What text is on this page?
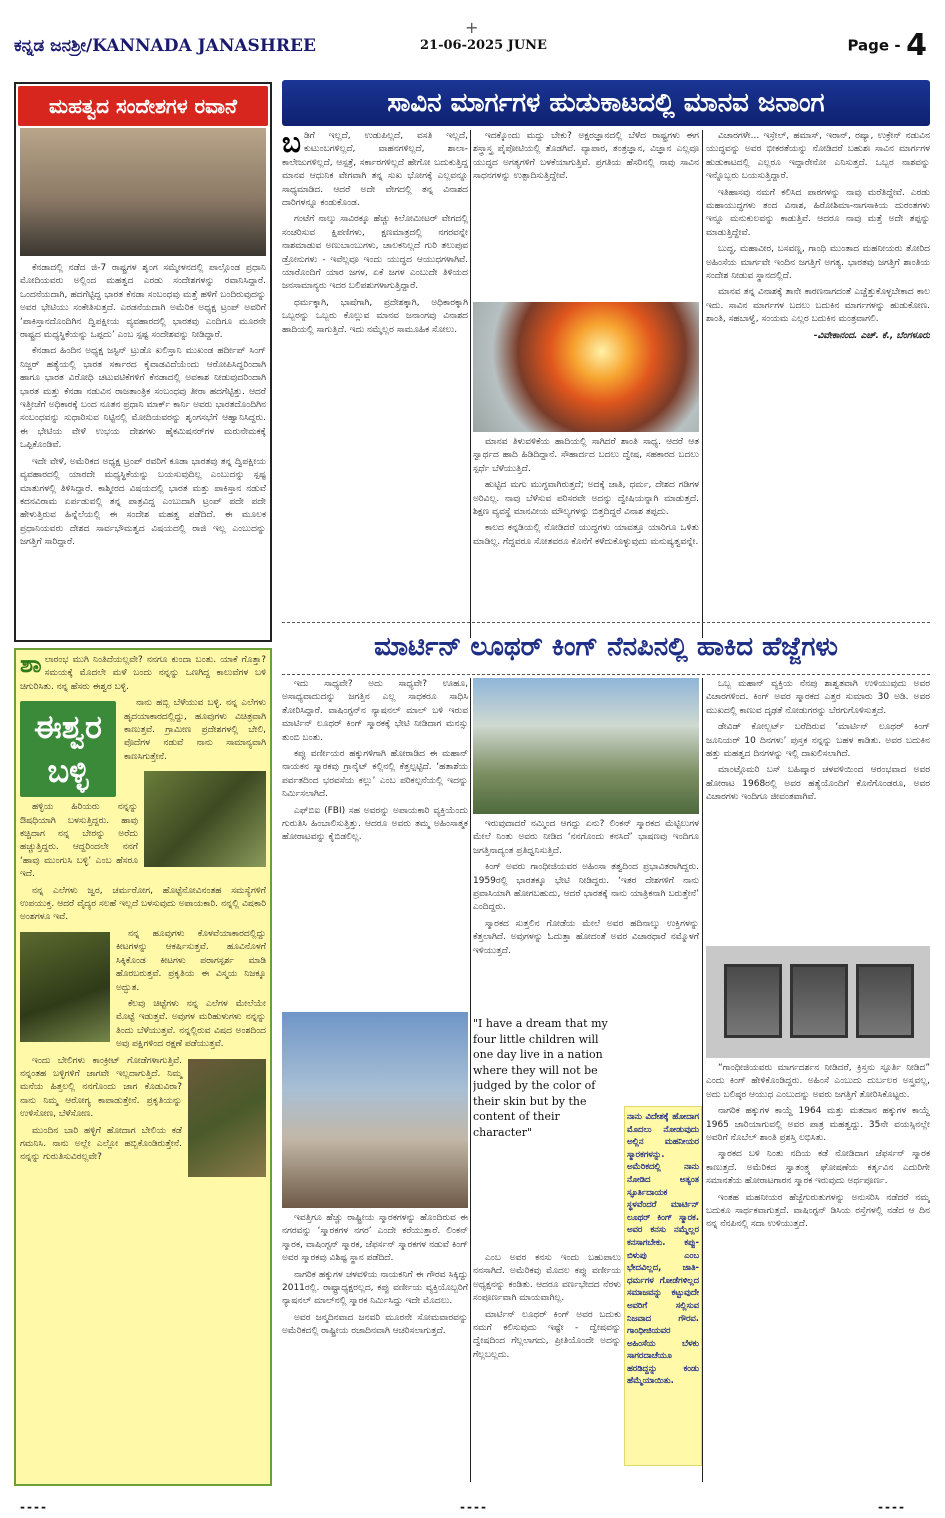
+
ಕನ್ನಡ ಜನಶ್ರೀ/KANNADA JANASHREE	21-06-2025 JUNE	Page - 4
ಮಹತ್ವದ ಸಂದೇಶಗಳ ರವಾನೆ

ಕೆನಡಾದಲ್ಲಿ ನಡೆದ ಜಿ-7 ರಾಷ್ಟ್ರಗಳ ಶೃಂಗ ಸಮ್ಮೇಳನದಲ್ಲಿ ಪಾಲ್ಗೊಂಡ ಪ್ರಧಾನಿ ಮೋದಿಯವರು ಅಲ್ಲಿಂದ ಮಹತ್ವದ ಎರಡು ಸಂದೇಶಗಳನ್ನು ರವಾನಿಸಿದ್ದಾರೆ. ಒಂದನೆಯದಾಗಿ, ಹದಗೆಟ್ಟಿದ್ದ ಭಾರತ ಕೆನಡಾ ಸಂಬಂಧವು ಮತ್ತೆ ಹಳಿಗೆ ಬಂದಿರುವುದನ್ನು ಅವರ ಭೇಟಿಯು ಸಂಕೇತಿಸುತ್ತದೆ. ಎರಡನೆಯದಾಗಿ ಅಮೆರಿಕ ಅಧ್ಯಕ್ಷ ಟ್ರಂಪ್ ಅವರಿಗೆ ‘ಪಾಕಿಸ್ತಾನದೊಂದಿಗಿನ ದ್ವಿಪಕ್ಷೀಯ ವ್ಯವಹಾರದಲ್ಲಿ ಭಾರತವು ಎಂದಿಗೂ ಮೂರನೇ ರಾಷ್ಟ್ರದ ಮಧ್ಯಸ್ಥಿಕೆಯನ್ನು ಒಪ್ಪದು’ ಎಂಬ ಸ್ಪಷ್ಟ ಸಂದೇಶವನ್ನು ನೀಡಿದ್ದಾರೆ.

ಕೆನಡಾದ ಹಿಂದಿನ ಅಧ್ಯಕ್ಷ ಜಸ್ಟಿನ್ ಟ್ರುಡೊ ಖಲಿಸ್ತಾನಿ ಮುಖಂಡ ಹರ್ದೀಪ್ ಸಿಂಗ್ ನಿಜ್ಜರ್ ಹತ್ಯೆಯಲ್ಲಿ ಭಾರತ ಸರ್ಕಾರದ ಕೈವಾಡವಿದೆಯೆಂದು ಆರೋಪಿಸಿದ್ದರಿಂದಾಗಿ ಹಾಗೂ ಭಾರತ ವಿರೋಧಿ ಚಟುವಟಿಕೆಗಳಿಗೆ ಕೆನಡಾದಲ್ಲಿ ಅವಕಾಶ ನೀಡುವುದರಿಂದಾಗಿ ಭಾರತ ಮತ್ತು ಕೆನಡಾ ನಡುವಿನ ರಾಜತಾಂತ್ರಿಕ ಸಂಬಂಧವು ತೀರಾ ಹದಗೆಟ್ಟಿತ್ತು. ಆದರೆ ಇತ್ತೀಚೆಗೆ ಅಧಿಕಾರಕ್ಕೆ ಬಂದ ನೂತನ ಪ್ರಧಾನಿ ಮಾರ್ಕ್ ಕಾರ್ನಿ ಅವರು ಭಾರತದೊಂದಿಗಿನ ಸಂಬಂಧವನ್ನು ಸುಧಾರಿಸುವ ನಿಟ್ಟಿನಲ್ಲಿ ಮೋದಿಯವರನ್ನು ಶೃಂಗಸಭೆಗೆ ಆಹ್ವಾನಿಸಿದ್ದರು. ಈ ಭೇಟಿಯ ವೇಳೆ ಉಭಯ ದೇಶಗಳು ಹೈಕಮಿಷನರ್‌ಗಳ ಮರುನೇಮಕಕ್ಕೆ ಒಪ್ಪಿಕೊಂಡಿವೆ.

ಇದೇ ವೇಳೆ, ಅಮೆರಿಕದ ಅಧ್ಯಕ್ಷ ಟ್ರಂಪ್ ರವರಿಗೆ ಕೂಡಾ ಭಾರತವು ತನ್ನ ದ್ವಿಪಕ್ಷೀಯ ವ್ಯವಹಾರದಲ್ಲಿ ಯಾರದೇ ಮಧ್ಯಸ್ಥಿಕೆಯನ್ನು ಬಯಸುವುದಿಲ್ಲ ಎಂಬುದನ್ನು ಸ್ಪಷ್ಟ ಮಾತುಗಳಲ್ಲಿ ತಿಳಿಸಿದ್ದಾರೆ. ಕಾಶ್ಮೀರದ ವಿಷಯದಲ್ಲಿ ಭಾರತ ಮತ್ತು ಪಾಕಿಸ್ತಾನ ನಡುವೆ ಕದನವಿರಾಮ ಏರ್ಪಡುವಲ್ಲಿ ತನ್ನ ಪಾತ್ರವಿದ್ದ ಎಂಬುದಾಗಿ ಟ್ರಂಪ್ ಪದೇ ಪದೇ ಹೇಳುತ್ತಿರುವ ಹಿನ್ನೆಲೆಯಲ್ಲಿ ಈ ಸಂದೇಶ ಮಹತ್ವ ಪಡೆದಿದೆ. ಈ ಮೂಲಕ ಪ್ರಧಾನಿಯವರು ದೇಶದ ಸಾರ್ವಭೌಮತ್ವದ ವಿಷಯದಲ್ಲಿ ರಾಜಿ ಇಲ್ಲ ಎಂಬುದನ್ನು ಜಗತ್ತಿಗೆ ಸಾರಿದ್ದಾರೆ.

ಸಾವಿನ ಮಾರ್ಗಗಳ ಹುಡುಕಾಟದಲ್ಲಿ ಮಾನವ ಜನಾಂಗ
ಬ ಡಿಗೆ ಇಲ್ಲದೆ, ಉಡುಪಿಲ್ಲದೆ, ವಸತಿ ಇಲ್ಲದೆ, ಕುಟುಂಬಗಳಿಲ್ಲದೆ, ವಾಹನಗಳಿಲ್ಲದೆ, ಶಾಲಾ-ಕಾಲೇಜುಗಳಿಲ್ಲದೆ, ಆಸ್ಪತ್ರೆ, ಸರ್ಕಾರಗಳಿಲ್ಲದೆ ಹೇಗೋ ಬದುಕುತ್ತಿದ್ದ ಮಾನವ ಆಧುನಿಕ ವೇಗವಾಗಿ ತನ್ನ ಸುಖ ಭೋಗಕ್ಕೆ ಎಲ್ಲವನ್ನೂ ಸಾಧ್ಯಮಾಡಿದ. ಆದರೆ ಅದೇ ವೇಗದಲ್ಲಿ ತನ್ನ ವಿನಾಶದ ದಾರಿಗಳನ್ನೂ ಕಂಡುಕೊಂಡ.

ಗಂಟೆಗೆ ನಾಲ್ಕು ಸಾವಿರಕ್ಕೂ ಹೆಚ್ಚು ಕಿಲೋಮೀಟರ್ ವೇಗದಲ್ಲಿ ಸಂಚರಿಸುವ ಕ್ಷಿಪಣಿಗಳು, ಕ್ಷಣಮಾತ್ರದಲ್ಲಿ ನಗರವನ್ನೇ ನಾಶಮಾಡುವ ಅಣುಬಾಂಬುಗಳು, ಚಾಲಕನಿಲ್ಲದೆ ಗುರಿ ತಲುಪುವ ಡ್ರೋನುಗಳು - ಇವೆಲ್ಲವೂ ಇಂದು ಯುದ್ಧದ ಆಯುಧಗಳಾಗಿವೆ. ಯಾರೊಂದಿಗೆ ಯಾರ ಜಗಳ, ಏಕೆ ಜಗಳ ಎಂಬುದೇ ತಿಳಿಯದ ಜನಸಾಮಾನ್ಯರು ಇದರ ಬಲಿಪಶುಗಳಾಗುತ್ತಿದ್ದಾರೆ.

ಧರ್ಮಕ್ಕಾಗಿ, ಭಾಷೆಗಾಗಿ, ಪ್ರದೇಶಕ್ಕಾಗಿ, ಅಧಿಕಾರಕ್ಕಾಗಿ ಒಬ್ಬರನ್ನು ಒಬ್ಬರು ಕೊಲ್ಲುವ ಮಾನವ ಜನಾಂಗವು ವಿನಾಶದ ಹಾದಿಯಲ್ಲಿ ಸಾಗುತ್ತಿದೆ. ಇದು ನಮ್ಮೆಲ್ಲರ ಸಾಮೂಹಿಕ ಸೋಲು.

ಇದಕ್ಕೊಂದು ಮದ್ದು ಬೇಕು? ಅಕ್ಷರಜ್ಞಾನದಲ್ಲಿ ಬೆಳೆದ ರಾಷ್ಟ್ರಗಳು ಈಗ ಶಸ್ತ್ರಾಸ್ತ್ರ ಪೈಪೋಟಿಯಲ್ಲಿ ತೊಡಗಿವೆ. ವ್ಯಾಪಾರ, ತಂತ್ರಜ್ಞಾನ, ವಿಜ್ಞಾನ ಎಲ್ಲವೂ ಯುದ್ಧದ ಅಗತ್ಯಗಳಿಗೆ ಬಳಕೆಯಾಗುತ್ತಿವೆ. ಪ್ರಗತಿಯ ಹೆಸರಿನಲ್ಲಿ ನಾವು ಸಾವಿನ ಸಾಧನಗಳನ್ನು ಉತ್ಪಾದಿಸುತ್ತಿದ್ದೇವೆ.

ಮಾನವ ತಿಳುವಳಿಕೆಯ ಹಾದಿಯಲ್ಲಿ ಸಾಗಿದರೆ ಶಾಂತಿ ಸಾಧ್ಯ. ಆದರೆ ಆತ ಸ್ವಾರ್ಥದ ಹಾದಿ ಹಿಡಿದಿದ್ದಾನೆ. ಸೌಹಾರ್ದದ ಬದಲು ದ್ವೇಷ, ಸಹಕಾರದ ಬದಲು ಸ್ಪರ್ಧೆ ಬೆಳೆಯುತ್ತಿದೆ.

ಹುಟ್ಟಿದ ಮಗು ಮುಗ್ಧವಾಗಿರುತ್ತದೆ; ಅದಕ್ಕೆ ಜಾತಿ, ಧರ್ಮ, ದೇಶದ ಗಡಿಗಳ ಅರಿವಿಲ್ಲ. ನಾವು ಬೆಳೆಸುವ ಪರಿಸರವೇ ಅದನ್ನು ದ್ವೇಷಿಯನ್ನಾಗಿ ಮಾಡುತ್ತದೆ. ಶಿಕ್ಷಣ ವ್ಯವಸ್ಥೆ ಮಾನವೀಯ ಮೌಲ್ಯಗಳನ್ನು ಬಿತ್ತದಿದ್ದರೆ ವಿನಾಶ ತಪ್ಪದು.

ಕಾಲದ ಕನ್ನಡಿಯಲ್ಲಿ ನೋಡಿದರೆ ಯುದ್ಧಗಳು ಯಾವತ್ತೂ ಯಾರಿಗೂ ಒಳಿತು ಮಾಡಿಲ್ಲ. ಗೆದ್ದವರೂ ಸೋತವರೂ ಕೊನೆಗೆ ಕಳೆದುಕೊಳ್ಳುವುದು ಮನುಷ್ಯತ್ವವನ್ನೇ.

ವಿಚಾರಗಳೇ... ಇಸ್ರೇಲ್, ಹಮಾಸ್, ಇರಾನ್, ರಷ್ಯಾ, ಉಕ್ರೇನ್ ನಡುವಿನ ಯುದ್ಧವನ್ನು ಅವರ ಭೀಕರತೆಯನ್ನು ನೋಡಿದರೆ ಬಹುಶಃ ಸಾವಿನ ಮಾರ್ಗಗಳ ಹುಡುಕಾಟದಲ್ಲಿ ಎಲ್ಲರೂ ಇದ್ದಾರೇನೋ ಎನಿಸುತ್ತದೆ. ಒಬ್ಬರ ನಾಶವನ್ನು ಇನ್ನೊಬ್ಬರು ಬಯಸುತ್ತಿದ್ದಾರೆ.

ಇತಿಹಾಸವು ನಮಗೆ ಕಲಿಸಿದ ಪಾಠಗಳನ್ನು ನಾವು ಮರೆತಿದ್ದೇವೆ. ಎರಡು ಮಹಾಯುದ್ಧಗಳು ತಂದ ವಿನಾಶ, ಹಿರೋಶಿಮಾ-ನಾಗಸಾಕಿಯ ದುರಂತಗಳು ಇನ್ನೂ ಮನುಕುಲವನ್ನು ಕಾಡುತ್ತಿವೆ. ಆದರೂ ನಾವು ಮತ್ತೆ ಅದೇ ತಪ್ಪನ್ನು ಮಾಡುತ್ತಿದ್ದೇವೆ.

ಬುದ್ಧ, ಮಹಾವೀರ, ಬಸವಣ್ಣ, ಗಾಂಧಿ ಮುಂತಾದ ಮಹನೀಯರು ತೋರಿದ ಅಹಿಂಸೆಯ ಮಾರ್ಗವೇ ಇಂದಿನ ಜಗತ್ತಿಗೆ ಅಗತ್ಯ. ಭಾರತವು ಜಗತ್ತಿಗೆ ಶಾಂತಿಯ ಸಂದೇಶ ನೀಡುವ ಸ್ಥಾನದಲ್ಲಿದೆ.

ಮಾನವ ತನ್ನ ವಿನಾಶಕ್ಕೆ ತಾನೇ ಕಾರಣನಾಗದಂತೆ ಎಚ್ಚೆತ್ತುಕೊಳ್ಳಬೇಕಾದ ಕಾಲ ಇದು. ಸಾವಿನ ಮಾರ್ಗಗಳ ಬದಲು ಬದುಕಿನ ಮಾರ್ಗಗಳನ್ನು ಹುಡುಕೋಣ. ಶಾಂತಿ, ಸಹಬಾಳ್ವೆ, ಸಂಯಮ ಎಲ್ಲರ ಬದುಕಿನ ಮಂತ್ರವಾಗಲಿ.

-ವಿವೇಕಾನಂದ. ಎಚ್. ಕೆ., ಬೆಂಗಳೂರು
ಶಾ ಲಾರಂಭ ಮುಗಿ ನಿಂತಿದೆಯಲ್ಲವೇ? ನನಗೂ ಕುಂದಾ ಬಂತು. ಯಾಕೆ ಗೊತ್ತಾ? ಸಮಯಕ್ಕೆ ಮೊದಲೇ ಮಳೆ ಬಂದು ನನ್ನನ್ನು ಒಣಗಿದ್ದ ಕಾಲುವೆಗಳ ಬಳಿ ಚಿಗುರಿಸಿತು. ನನ್ನ ಹೆಸರು ಈಶ್ವರ ಬಳ್ಳಿ.

ಈಶ್ವರ ಬಳ್ಳಿ

ನಾನು ಹಬ್ಬಿ ಬೆಳೆಯುವ ಬಳ್ಳಿ. ನನ್ನ ಎಲೆಗಳು ಹೃದಯಾಕಾರದಲ್ಲಿದ್ದು, ಹೂವುಗಳು ವಿಚಿತ್ರವಾಗಿ ಕಾಣುತ್ತವೆ. ಗ್ರಾಮೀಣ ಪ್ರದೇಶಗಳಲ್ಲಿ ಬೇಲಿ, ಪೊದೆಗಳ ನಡುವೆ ನಾನು ಸಾಮಾನ್ಯವಾಗಿ ಕಾಣಸಿಗುತ್ತೇನೆ.

ಹಳ್ಳಿಯ ಹಿರಿಯರು ನನ್ನನ್ನು ಔಷಧಿಯಾಗಿ ಬಳಸುತ್ತಿದ್ದರು. ಹಾವು ಕಚ್ಚಿದಾಗ ನನ್ನ ಬೇರನ್ನು ಅರೆದು ಹಚ್ಚುತ್ತಿದ್ದರು. ಆದ್ದರಿಂದಲೇ ನನಗೆ ‘ಹಾವು ಮುಂಗುಸಿ ಬಳ್ಳಿ’ ಎಂಬ ಹೆಸರೂ ಇದೆ.

ನನ್ನ ಎಲೆಗಳು ಜ್ವರ, ಚರ್ಮರೋಗ, ಹೊಟ್ಟೆನೋವಿನಂತಹ ಸಮಸ್ಯೆಗಳಿಗೆ ಉಪಯುಕ್ತ. ಆದರೆ ವೈದ್ಯರ ಸಲಹೆ ಇಲ್ಲದೆ ಬಳಸುವುದು ಅಪಾಯಕಾರಿ. ನನ್ನಲ್ಲಿ ವಿಷಕಾರಿ ಅಂಶಗಳೂ ಇವೆ.

ನನ್ನ ಹೂವುಗಳು ಕೊಳವೆಯಾಕಾರದಲ್ಲಿದ್ದು ಕೀಟಗಳನ್ನು ಆಕರ್ಷಿಸುತ್ತವೆ. ಹೂವಿನೊಳಗೆ ಸಿಕ್ಕಿಕೊಂಡ ಕೀಟಗಳು ಪರಾಗಸ್ಪರ್ಶ ಮಾಡಿ ಹೊರಬರುತ್ತವೆ. ಪ್ರಕೃತಿಯ ಈ ವಿಸ್ಮಯ ನಿಜಕ್ಕೂ ಅದ್ಭುತ.

ಕೆಲವು ಚಿಟ್ಟೆಗಳು ನನ್ನ ಎಲೆಗಳ ಮೇಲೆಯೇ ಮೊಟ್ಟೆ ಇಡುತ್ತವೆ. ಅವುಗಳ ಮರಿಹುಳುಗಳು ನನ್ನನ್ನು ತಿಂದು ಬೆಳೆಯುತ್ತವೆ. ನನ್ನಲ್ಲಿರುವ ವಿಷದ ಅಂಶದಿಂದ ಅವು ಪಕ್ಷಿಗಳಿಂದ ರಕ್ಷಣೆ ಪಡೆಯುತ್ತವೆ.

ಇಂದು ಬೇಲಿಗಳು ಕಾಂಕ್ರೀಟ್ ಗೋಡೆಗಳಾಗುತ್ತಿವೆ. ನನ್ನಂತಹ ಬಳ್ಳಿಗಳಿಗೆ ಜಾಗವೇ ಇಲ್ಲದಾಗುತ್ತಿದೆ. ನಿಮ್ಮ ಮನೆಯ ಹಿತ್ತಲಲ್ಲಿ ನನಗೊಂದು ಜಾಗ ಕೊಡುವಿರಾ? ನಾನು ನಿಮ್ಮ ಆರೋಗ್ಯ ಕಾಪಾಡುತ್ತೇನೆ. ಪ್ರಕೃತಿಯನ್ನು ಉಳಿಸೋಣ, ಬೆಳೆಸೋಣ.

ಮುಂದಿನ ಬಾರಿ ಹಳ್ಳಿಗೆ ಹೋದಾಗ ಬೇಲಿಯ ಕಡೆ ಗಮನಿಸಿ. ನಾನು ಅಲ್ಲೇ ಎಲ್ಲೋ ಹಬ್ಬಿಕೊಂಡಿರುತ್ತೇನೆ. ನನ್ನನ್ನು ಗುರುತಿಸುವಿರಲ್ಲವೇ?

ಮಾರ್ಟಿನ್ ಲೂಥರ್ ಕಿಂಗ್ ನೆನಪಿನಲ್ಲಿ ಹಾಕಿದ ಹೆಜ್ಜೆಗಳು

ಇದು ಸಾಧ್ಯವೇ? ಅದು ಸಾಧ್ಯವೇ? ಊಹೂ, ಅಸಾಧ್ಯವಾದುದನ್ನು ಜಗತ್ತಿನ ಎಲ್ಲ ಸಾಧಕರೂ ಸಾಧಿಸಿ ತೋರಿಸಿದ್ದಾರೆ. ವಾಷಿಂಗ್ಟನ್‌ನ ನ್ಯಾಷನಲ್ ಮಾಲ್ ಬಳಿ ಇರುವ ಮಾರ್ಟಿನ್ ಲೂಥರ್ ಕಿಂಗ್ ಸ್ಮಾರಕಕ್ಕೆ ಭೇಟಿ ನೀಡಿದಾಗ ಮನಸ್ಸು ತುಂಬಿ ಬಂತು.

ಕಪ್ಪು ವರ್ಣೀಯರ ಹಕ್ಕುಗಳಿಗಾಗಿ ಹೋರಾಡಿದ ಈ ಮಹಾನ್ ನಾಯಕನ ಸ್ಮಾರಕವು ಗ್ರಾನೈಟ್ ಕಲ್ಲಿನಲ್ಲಿ ಕೆತ್ತಲ್ಪಟ್ಟಿದೆ. ‘ಹತಾಶೆಯ ಪರ್ವತದಿಂದ ಭರವಸೆಯ ಕಲ್ಲು’ ಎಂಬ ಪರಿಕಲ್ಪನೆಯಲ್ಲಿ ಇದನ್ನು ನಿರ್ಮಿಸಲಾಗಿದೆ.

ಎಫ್‌ಬಿಐ (FBI) ಸಹ ಅವರನ್ನು ಅಪಾಯಕಾರಿ ವ್ಯಕ್ತಿಯೆಂದು ಗುರುತಿಸಿ ಹಿಂಬಾಲಿಸುತ್ತಿತ್ತು. ಆದರೂ ಅವರು ತಮ್ಮ ಅಹಿಂಸಾತ್ಮಕ ಹೋರಾಟವನ್ನು ಕೈಬಿಡಲಿಲ್ಲ.

ಇರುವುದಾದರೆ ನಮ್ಮಿಂದ ಆಗದ್ದು ಏನು? ಲಿಂಕನ್ ಸ್ಮಾರಕದ ಮೆಟ್ಟಿಲುಗಳ ಮೇಲೆ ನಿಂತು ಅವರು ನೀಡಿದ ‘ನನಗೊಂದು ಕನಸಿದೆ’ ಭಾಷಣವು ಇಂದಿಗೂ ಜಗತ್ತಿನಾದ್ಯಂತ ಪ್ರತಿಧ್ವನಿಸುತ್ತಿದೆ.

ಕಿಂಗ್ ಅವರು ಗಾಂಧೀಜಿಯವರ ಅಹಿಂಸಾ ತತ್ವದಿಂದ ಪ್ರಭಾವಿತರಾಗಿದ್ದರು. 1959ರಲ್ಲಿ ಭಾರತಕ್ಕೂ ಭೇಟಿ ನೀಡಿದ್ದರು. ‘ಇತರ ದೇಶಗಳಿಗೆ ನಾನು ಪ್ರವಾಸಿಯಾಗಿ ಹೋಗಬಹುದು, ಆದರೆ ಭಾರತಕ್ಕೆ ನಾನು ಯಾತ್ರಿಕನಾಗಿ ಬರುತ್ತೇನೆ’ ಎಂದಿದ್ದರು.

ಸ್ಮಾರಕದ ಸುತ್ತಲಿನ ಗೋಡೆಯ ಮೇಲೆ ಅವರ ಹದಿನಾಲ್ಕು ಉಕ್ತಿಗಳನ್ನು ಕೆತ್ತಲಾಗಿದೆ. ಅವುಗಳನ್ನು ಓದುತ್ತಾ ಹೋದಂತೆ ಅವರ ವಿಚಾರಧಾರೆ ನಮ್ಮೊಳಗೆ ಇಳಿಯುತ್ತದೆ.

ಇವತ್ತಿಗೂ ಹೆಚ್ಚು ರಾಷ್ಟ್ರೀಯ ಸ್ಮಾರಕಗಳನ್ನು ಹೊಂದಿರುವ ಈ ನಗರವನ್ನು ‘ಸ್ಮಾರಕಗಳ ನಗರ’ ಎಂದೇ ಕರೆಯುತ್ತಾರೆ. ಲಿಂಕನ್ ಸ್ಮಾರಕ, ವಾಷಿಂಗ್ಟನ್ ಸ್ಮಾರಕ, ಜೆಫರ್ಸನ್ ಸ್ಮಾರಕಗಳ ನಡುವೆ ಕಿಂಗ್ ಅವರ ಸ್ಮಾರಕವು ವಿಶಿಷ್ಟ ಸ್ಥಾನ ಪಡೆದಿದೆ.

ನಾಗರಿಕ ಹಕ್ಕುಗಳ ಚಳವಳಿಯ ನಾಯಕನಿಗೆ ಈ ಗೌರವ ಸಿಕ್ಕಿದ್ದು 2011ರಲ್ಲಿ. ರಾಷ್ಟ್ರಾಧ್ಯಕ್ಷರಲ್ಲದ, ಕಪ್ಪು ವರ್ಣೀಯ ವ್ಯಕ್ತಿಯೊಬ್ಬರಿಗೆ ನ್ಯಾಷನಲ್ ಮಾಲ್‌ನಲ್ಲಿ ಸ್ಮಾರಕ ನಿರ್ಮಿಸಿದ್ದು ಇದೇ ಮೊದಲು.

ಅವರ ಜನ್ಮದಿನವಾದ ಜನವರಿ ಮೂರನೇ ಸೋಮವಾರವನ್ನು ಅಮೆರಿಕದಲ್ಲಿ ರಾಷ್ಟ್ರೀಯ ರಜಾದಿನವಾಗಿ ಆಚರಿಸಲಾಗುತ್ತದೆ.

"I have a dream that my four little children will one day live in a nation where they will not be judged by the color of their skin but by the content of their character"

ಎಂಬ ಅವರ ಕನಸು ಇಂದು ಬಹುಪಾಲು ನನಸಾಗಿದೆ. ಅಮೆರಿಕವು ಮೊದಲ ಕಪ್ಪು ವರ್ಣೀಯ ಅಧ್ಯಕ್ಷನನ್ನು ಕಂಡಿತು. ಆದರೂ ವರ್ಣಭೇದದ ನೆರಳು ಸಂಪೂರ್ಣವಾಗಿ ಮಾಯವಾಗಿಲ್ಲ.

ಮಾರ್ಟಿನ್ ಲೂಥರ್ ಕಿಂಗ್ ಅವರ ಬದುಕು ನಮಗೆ ಕಲಿಸುವುದು ಇಷ್ಟೇ - ದ್ವೇಷವನ್ನು ದ್ವೇಷದಿಂದ ಗೆಲ್ಲಲಾಗದು, ಪ್ರೀತಿಯೊಂದೇ ಅದನ್ನು ಗೆಲ್ಲಬಲ್ಲದು.

ನಾನು ವಿದೇಶಕ್ಕೆ ಹೋದಾಗ ಮೊದಲು ನೋಡುವುದು ಅಲ್ಲಿನ ಮಹನೀಯರ ಸ್ಮಾರಕಗಳನ್ನು. ಅಮೆರಿಕದಲ್ಲಿ ನಾನು ನೋಡಿದ ಅತ್ಯಂತ ಸ್ಫೂರ್ತಿದಾಯಕ ಸ್ಥಳವೆಂದರೆ ಮಾರ್ಟಿನ್ ಲೂಥರ್ ಕಿಂಗ್ ಸ್ಮಾರಕ. ಅವರ ಕನಸು ನಮ್ಮೆಲ್ಲರ ಕನಸಾಗಬೇಕು. ಕಪ್ಪು-ಬಿಳುಪು ಎಂಬ ಭೇದವಿಲ್ಲದ, ಜಾತಿ-ಧರ್ಮಗಳ ಗೋಡೆಗಳಿಲ್ಲದ ಸಮಾಜವನ್ನು ಕಟ್ಟುವುದೇ ಅವರಿಗೆ ಸಲ್ಲಿಸುವ ನಿಜವಾದ ಗೌರವ. ಗಾಂಧೀಜಿಯವರ ಅಹಿಂಸೆಯ ಬೆಳಕು ಸಾಗರದಾಚೆಯೂ ಹರಡಿದ್ದನ್ನು ಕಂಡು ಹೆಮ್ಮೆಯಾಯಿತು.

ಒಬ್ಬ ಮಹಾನ್ ವ್ಯಕ್ತಿಯ ನೆನಪು ಶಾಶ್ವತವಾಗಿ ಉಳಿಯುವುದು ಅವರ ವಿಚಾರಗಳಿಂದ. ಕಿಂಗ್ ಅವರ ಸ್ಮಾರಕದ ಎತ್ತರ ಸುಮಾರು 30 ಅಡಿ. ಅವರ ಮುಖದಲ್ಲಿ ಕಾಣುವ ದೃಢತೆ ನೋಡುಗರನ್ನು ಬೆರಗುಗೊಳಿಸುತ್ತದೆ.

ಡೇವಿಡ್ ಕೋಲ್ಬರ್ಟ್ ಬರೆದಿರುವ ‘ಮಾರ್ಟಿನ್ ಲೂಥರ್ ಕಿಂಗ್ ಜೂನಿಯರ್ 10 ದಿನಗಳು’ ಪುಸ್ತಕ ನನ್ನನ್ನು ಬಹಳ ಕಾಡಿತು. ಅವರ ಬದುಕಿನ ಹತ್ತು ಮಹತ್ವದ ದಿನಗಳನ್ನು ಇಲ್ಲಿ ದಾಖಲಿಸಲಾಗಿದೆ.

ಮಾಂಟ್ಗೊಮರಿ ಬಸ್ ಬಹಿಷ್ಕಾರ ಚಳವಳಿಯಿಂದ ಆರಂಭವಾದ ಅವರ ಹೋರಾಟ 1968ರಲ್ಲಿ ಅವರ ಹತ್ಯೆಯೊಂದಿಗೆ ಕೊನೆಗೊಂಡರೂ, ಅವರ ವಿಚಾರಗಳು ಇಂದಿಗೂ ಜೀವಂತವಾಗಿವೆ.

“ಗಾಂಧೀಜಿಯವರು ಮಾರ್ಗದರ್ಶನ ನೀಡಿದರೆ, ಕ್ರಿಸ್ತನು ಸ್ಫೂರ್ತಿ ನೀಡಿದ” ಎಂದು ಕಿಂಗ್ ಹೇಳಿಕೊಂಡಿದ್ದರು. ಅಹಿಂಸೆ ಎಂಬುದು ದುರ್ಬಲರ ಅಸ್ತ್ರವಲ್ಲ, ಅದು ಬಲಿಷ್ಠರ ಆಯುಧ ಎಂಬುದನ್ನು ಅವರು ಜಗತ್ತಿಗೆ ತೋರಿಸಿಕೊಟ್ಟರು.

ನಾಗರಿಕ ಹಕ್ಕುಗಳ ಕಾಯ್ದೆ 1964 ಮತ್ತು ಮತದಾನ ಹಕ್ಕುಗಳ ಕಾಯ್ದೆ 1965 ಜಾರಿಯಾಗುವಲ್ಲಿ ಅವರ ಪಾತ್ರ ಮಹತ್ವದ್ದು. 35ನೇ ವಯಸ್ಸಿನಲ್ಲೇ ಅವರಿಗೆ ನೊಬೆಲ್ ಶಾಂತಿ ಪ್ರಶಸ್ತಿ ಲಭಿಸಿತು.

ಸ್ಮಾರಕದ ಬಳಿ ನಿಂತು ನದಿಯ ಕಡೆ ನೋಡಿದಾಗ ಜೆಫರ್ಸನ್ ಸ್ಮಾರಕ ಕಾಣುತ್ತದೆ. ಅಮೆರಿಕದ ಸ್ವಾತಂತ್ರ್ಯ ಘೋಷಣೆಯ ಕರ್ತೃವಿನ ಎದುರಿಗೇ ಸಮಾನತೆಯ ಹೋರಾಟಗಾರನ ಸ್ಮಾರಕ ಇರುವುದು ಅರ್ಥಪೂರ್ಣ.

ಇಂತಹ ಮಹನೀಯರ ಹೆಜ್ಜೆಗುರುತುಗಳನ್ನು ಅನುಸರಿಸಿ ನಡೆದರೆ ನಮ್ಮ ಬದುಕೂ ಸಾರ್ಥಕವಾಗುತ್ತದೆ. ವಾಷಿಂಗ್ಟನ್ ಡಿಸಿಯ ರಸ್ತೆಗಳಲ್ಲಿ ನಡೆದ ಆ ದಿನ ನನ್ನ ನೆನಪಿನಲ್ಲಿ ಸದಾ ಉಳಿಯುತ್ತದೆ.

----	----	----
